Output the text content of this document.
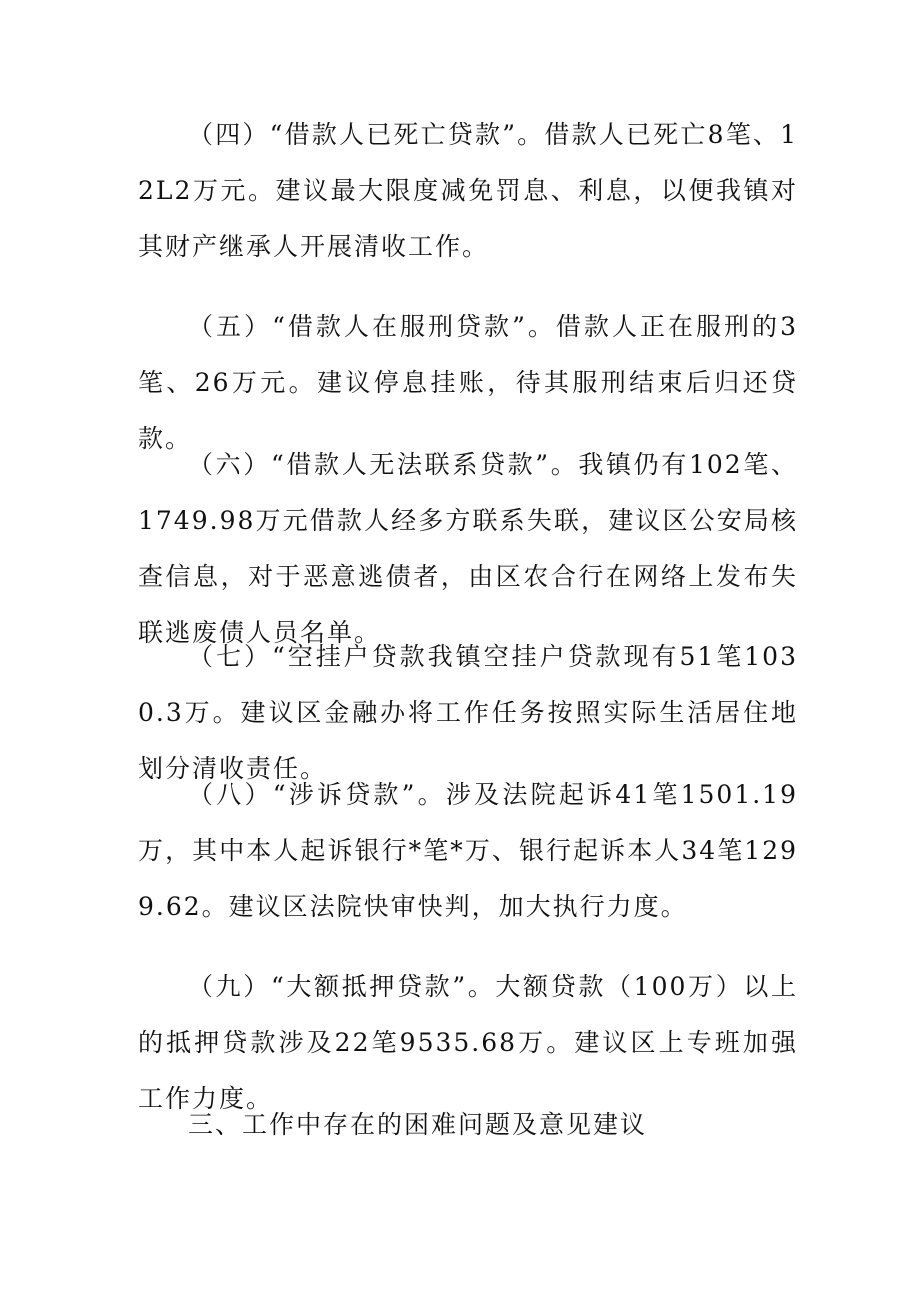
（四）“借款人已死亡贷款”。借款人已死亡8笔、12L2万元。建议最大限度减免罚息、利息，以便我镇对其财产继承人开展清收工作。

（五）“借款人在服刑贷款”。借款人正在服刑的3笔、26万元。建议停息挂账，待其服刑结束后归还贷款。

（六）“借款人无法联系贷款”。我镇仍有102笔、1749.98万元借款人经多方联系失联，建议区公安局核查信息，对于恶意逃债者，由区农合行在网络上发布失联逃废债人员名单。

（七）“空挂户贷款我镇空挂户贷款现有51笔1030.3万。建议区金融办将工作任务按照实际生活居住地划分清收责任。

（八）“涉诉贷款”。涉及法院起诉41笔1501.19万，其中本人起诉银行*笔*万、银行起诉本人34笔1299.62。建议区法院快审快判，加大执行力度。

（九）“大额抵押贷款”。大额贷款（100万）以上的抵押贷款涉及22笔9535.68万。建议区上专班加强工作力度。

三、工作中存在的困难问题及意见建议
